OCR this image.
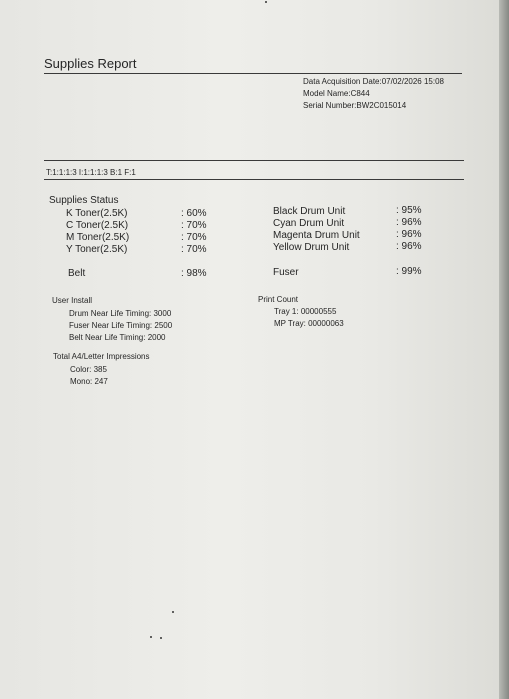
Supplies Report
Data Acquisition Date:07/02/2026 15:08
Model Name:C844
Serial Number:BW2C015014
T:1:1:1:3 I:1:1:1:3 B:1 F:1
Supplies Status
K Toner(2.5K)	: 60%
C Toner(2.5K)	: 70%
M Toner(2.5K)	: 70%
Y Toner(2.5K)	: 70%
Black Drum Unit	: 95%
Cyan Drum Unit	: 96%
Magenta Drum Unit	: 96%
Yellow Drum Unit	: 96%
Belt	: 98%	Fuser	: 99%
User Install
Drum Near Life Timing: 3000
Fuser Near Life Timing: 2500
Belt Near Life Timing: 2000
Print Count
Tray 1: 00000555
MP Tray: 00000063
Total A4/Letter Impressions
Color: 385
Mono: 247
